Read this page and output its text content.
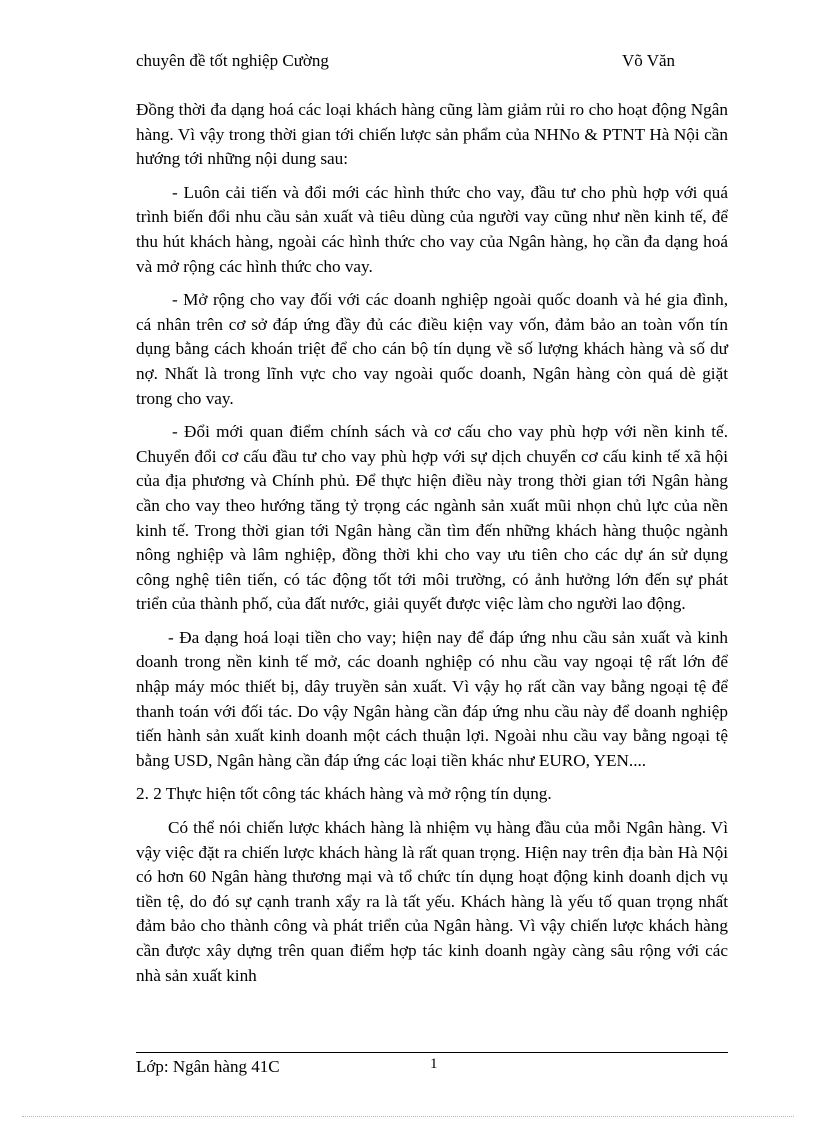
chuyên đề tốt nghiệp Cường	Võ Văn

Đồng thời đa dạng hoá các loại khách hàng cũng làm giảm rủi ro cho hoạt động Ngân hàng. Vì vậy trong thời gian tới chiến lược sản phẩm của NHNo & PTNT Hà Nội cần hướng tới những nội dung sau:

- Luôn cải tiến và đổi mới các hình thức cho vay, đầu tư cho phù hợp với quá trình biến đổi nhu cầu sản xuất và tiêu dùng của người vay cũng như nền kinh tế, để thu hút khách hàng, ngoài các hình thức cho vay của Ngân hàng, họ cần đa dạng hoá và mở rộng các hình thức cho vay.

- Mở rộng cho vay đối với các doanh nghiệp ngoài quốc doanh và hé gia đình, cá nhân trên cơ sở đáp ứng đầy đủ các điều kiện vay vốn, đảm bảo an toàn vốn tín dụng bằng cách khoán triệt để cho cán bộ tín dụng về số lượng khách hàng và số dư nợ. Nhất là trong lĩnh vực cho vay ngoài quốc doanh, Ngân hàng còn quá dè giặt trong cho vay.

- Đổi mới quan điểm chính sách và cơ cấu cho vay phù hợp với nền kinh tế. Chuyển đổi cơ cấu đầu tư cho vay phù hợp với sự dịch chuyển cơ cấu kinh tế xã hội của địa phương và Chính phủ. Để thực hiện điều này trong thời gian tới Ngân hàng cần cho vay theo hướng tăng tỷ trọng các ngành sản xuất mũi nhọn chủ lực của nền kinh tế. Trong thời gian tới Ngân hàng cần tìm đến những khách hàng thuộc ngành nông nghiệp và lâm nghiệp, đồng thời khi cho vay ưu tiên cho các dự án sử dụng công nghệ tiên tiến, có tác động tốt tới môi trường, có ảnh hưởng lớn đến sự phát triển của thành phố, của đất nước, giải quyết được việc làm cho người lao động.

- Đa dạng hoá loại tiền cho vay; hiện nay để đáp ứng nhu cầu sản xuất và kinh doanh trong nền kinh tế mở, các doanh nghiệp có nhu cầu vay ngoại tệ rất lớn để nhập máy móc thiết bị, dây truyền sản xuất. Vì vậy họ rất cần vay bằng ngoại tệ để thanh toán với đối tác. Do vậy Ngân hàng cần đáp ứng nhu cầu này để doanh nghiệp tiến hành sản xuất kinh doanh một cách thuận lợi. Ngoài nhu cầu vay bằng ngoại tệ bằng USD, Ngân hàng cần đáp ứng các loại tiền khác như EURO, YEN....

2. 2 Thực hiện tốt công tác khách hàng và mở rộng tín dụng.

Có thể nói chiến lược khách hàng là nhiệm vụ hàng đầu của mỗi Ngân hàng. Vì vậy việc đặt ra chiến lược khách hàng là rất quan trọng. Hiện nay trên địa bàn Hà Nội có hơn 60 Ngân hàng thương mại và tổ chức tín dụng hoạt động kinh doanh dịch vụ tiền tệ, do đó sự cạnh tranh xẩy ra là tất yếu. Khách hàng là yếu tố quan trọng nhất đảm bảo cho thành công và phát triển của Ngân hàng. Vì vậy chiến lược khách hàng cần được xây dựng trên quan điểm hợp tác kinh doanh ngày càng sâu rộng với các nhà sản xuất kinh

Lớp: Ngân hàng 41C	1
